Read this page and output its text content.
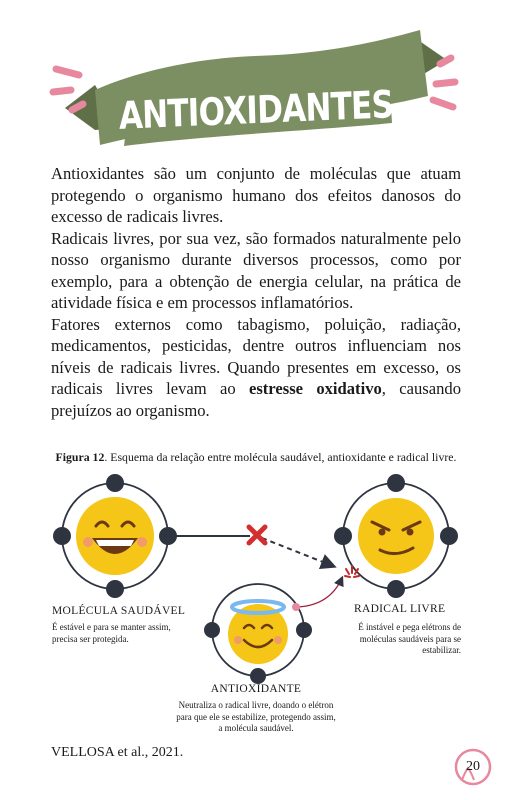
ANTIOXIDANTES

Antioxidantes são um conjunto de moléculas que atuam protegendo o organismo humano dos efeitos danosos do excesso de radicais livres.

Radicais livres, por sua vez, são formados naturalmente pelo nosso organismo durante diversos processos, como por exemplo, para a obtenção de energia celular, na prática de atividade física e em processos inflamatórios.

Fatores externos como tabagismo, poluição, radiação, medicamentos, pesticidas, dentre outros influenciam nos níveis de radicais livres. Quando presentes em excesso, os radicais livres levam ao estresse oxidativo, causando prejuízos ao organismo.

Figura 12. Esquema da relação entre molécula saudável, antioxidante e radical livre.
MOLÉCULA SAUDÁVEL
É estável e para se manter assim,
precisa ser protegida.
RADICAL LIVRE
É instável e pega elétrons de
moléculas saudáveis para se
estabilizar.
ANTIOXIDANTE
Neutraliza o radical livre, doando o elétron
para que ele se estabilize, protegendo assim,
a molécula saudável.
VELLOSA et al., 2021.
20
